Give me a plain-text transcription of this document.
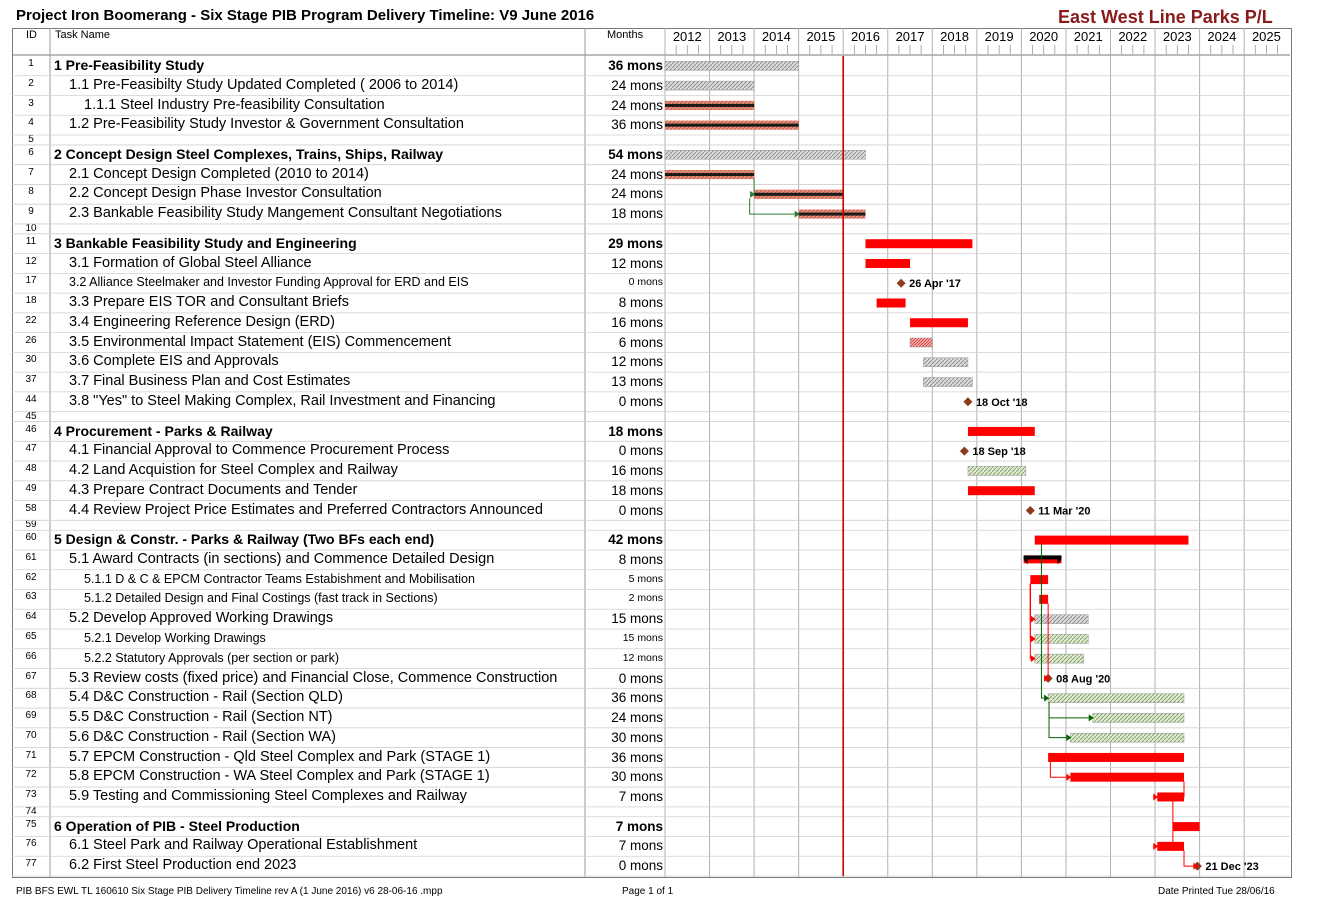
Project Iron Boomerang - Six Stage PIB Program Delivery Timeline: V9 June 2016	East West Line Parks P/L
ID Task Name	Months
1	1 Pre-Feasibility Study	36 mons
2	1.1 Pre-Feasibilty Study Updated Completed ( 2006 to 2014)	24 mons
3	1.1.1 Steel Industry Pre-feasibility Consultation	24 mons
4	1.2 Pre-Feasibility Study Investor & Government Consultation	36 mons
5
6	2 Concept Design Steel Complexes, Trains, Ships, Railway	54 mons
7	2.1 Concept Design Completed (2010 to 2014)	24 mons
8	2.2 Concept Design Phase Investor Consultation	24 mons
9	2.3 Bankable Feasibility Study Mangement Consultant Negotiations	18 mons
10
11	3 Bankable Feasibility Study and Engineering	29 mons
12	3.1 Formation of Global Steel Alliance	12 mons
17	3.2 Alliance Steelmaker and Investor Funding Approval for ERD and EIS	0 mons
18	3.3 Prepare EIS TOR and Consultant Briefs	8 mons
22	3.4 Engineering Reference Design (ERD)	16 mons
26	3.5 Environmental Impact Statement (EIS) Commencement	6 mons
30	3.6 Complete EIS and Approvals	12 mons
37	3.7 Final Business Plan and Cost Estimates	13 mons
44	3.8 "Yes" to Steel Making Complex, Rail Investment and Financing	0 mons
45
46	4 Procurement - Parks & Railway	18 mons
47	4.1 Financial Approval to Commence Procurement Process	0 mons
48	4.2 Land Acquistion for Steel Complex and Railway	16 mons
49	4.3 Prepare Contract Documents and Tender	18 mons
58	4.4 Review Project Price Estimates and Preferred Contractors Announced	0 mons
59
60	5 Design & Constr. - Parks & Railway (Two BFs each end)	42 mons
61	5.1 Award Contracts (in sections) and Commence Detailed Design	8 mons
62	5.1.1 D & C & EPCM Contractor Teams Estabishment and Mobilisation	5 mons
63	5.1.2 Detailed Design and Final Costings (fast track in Sections)	2 mons
64	5.2 Develop Approved Working Drawings	15 mons
65	5.2.1 Develop Working Drawings	15 mons
66	5.2.2 Statutory Approvals (per section or park)	12 mons
67	5.3 Review costs (fixed price) and Financial Close, Commence Construction	0 mons
68	5.4 D&C Construction - Rail (Section QLD)	36 mons
69	5.5 D&C Construction - Rail (Section NT)	24 mons
70	5.6 D&C Construction - Rail (Section WA)	30 mons
71	5.7 EPCM Construction - Qld Steel Complex and Park (STAGE 1)	36 mons
72	5.8 EPCM Construction - WA Steel Complex and Park (STAGE 1)	30 mons
73	5.9 Testing and Commissioning Steel Complexes and Railway	7 mons
74
75	6 Operation of PIB - Steel Production	7 mons
76	6.1 Steel Park and Railway Operational Establishment	7 mons
77	6.2 First Steel Production end 2023	0 mons
2012 2013 2014 2015 2016 2017 2018 2019 2020 2021 2022 2023 2024 2025
26 Apr '17
18 Oct '18
18 Sep '18
11 Mar '20
08 Aug '20
21 Dec '23
PIB BFS EWL TL 160610 Six Stage PIB Delivery Timeline rev A (1 June 2016) v6 28-06-16 .mpp	Page 1 of 1	Date Printed Tue 28/06/16
